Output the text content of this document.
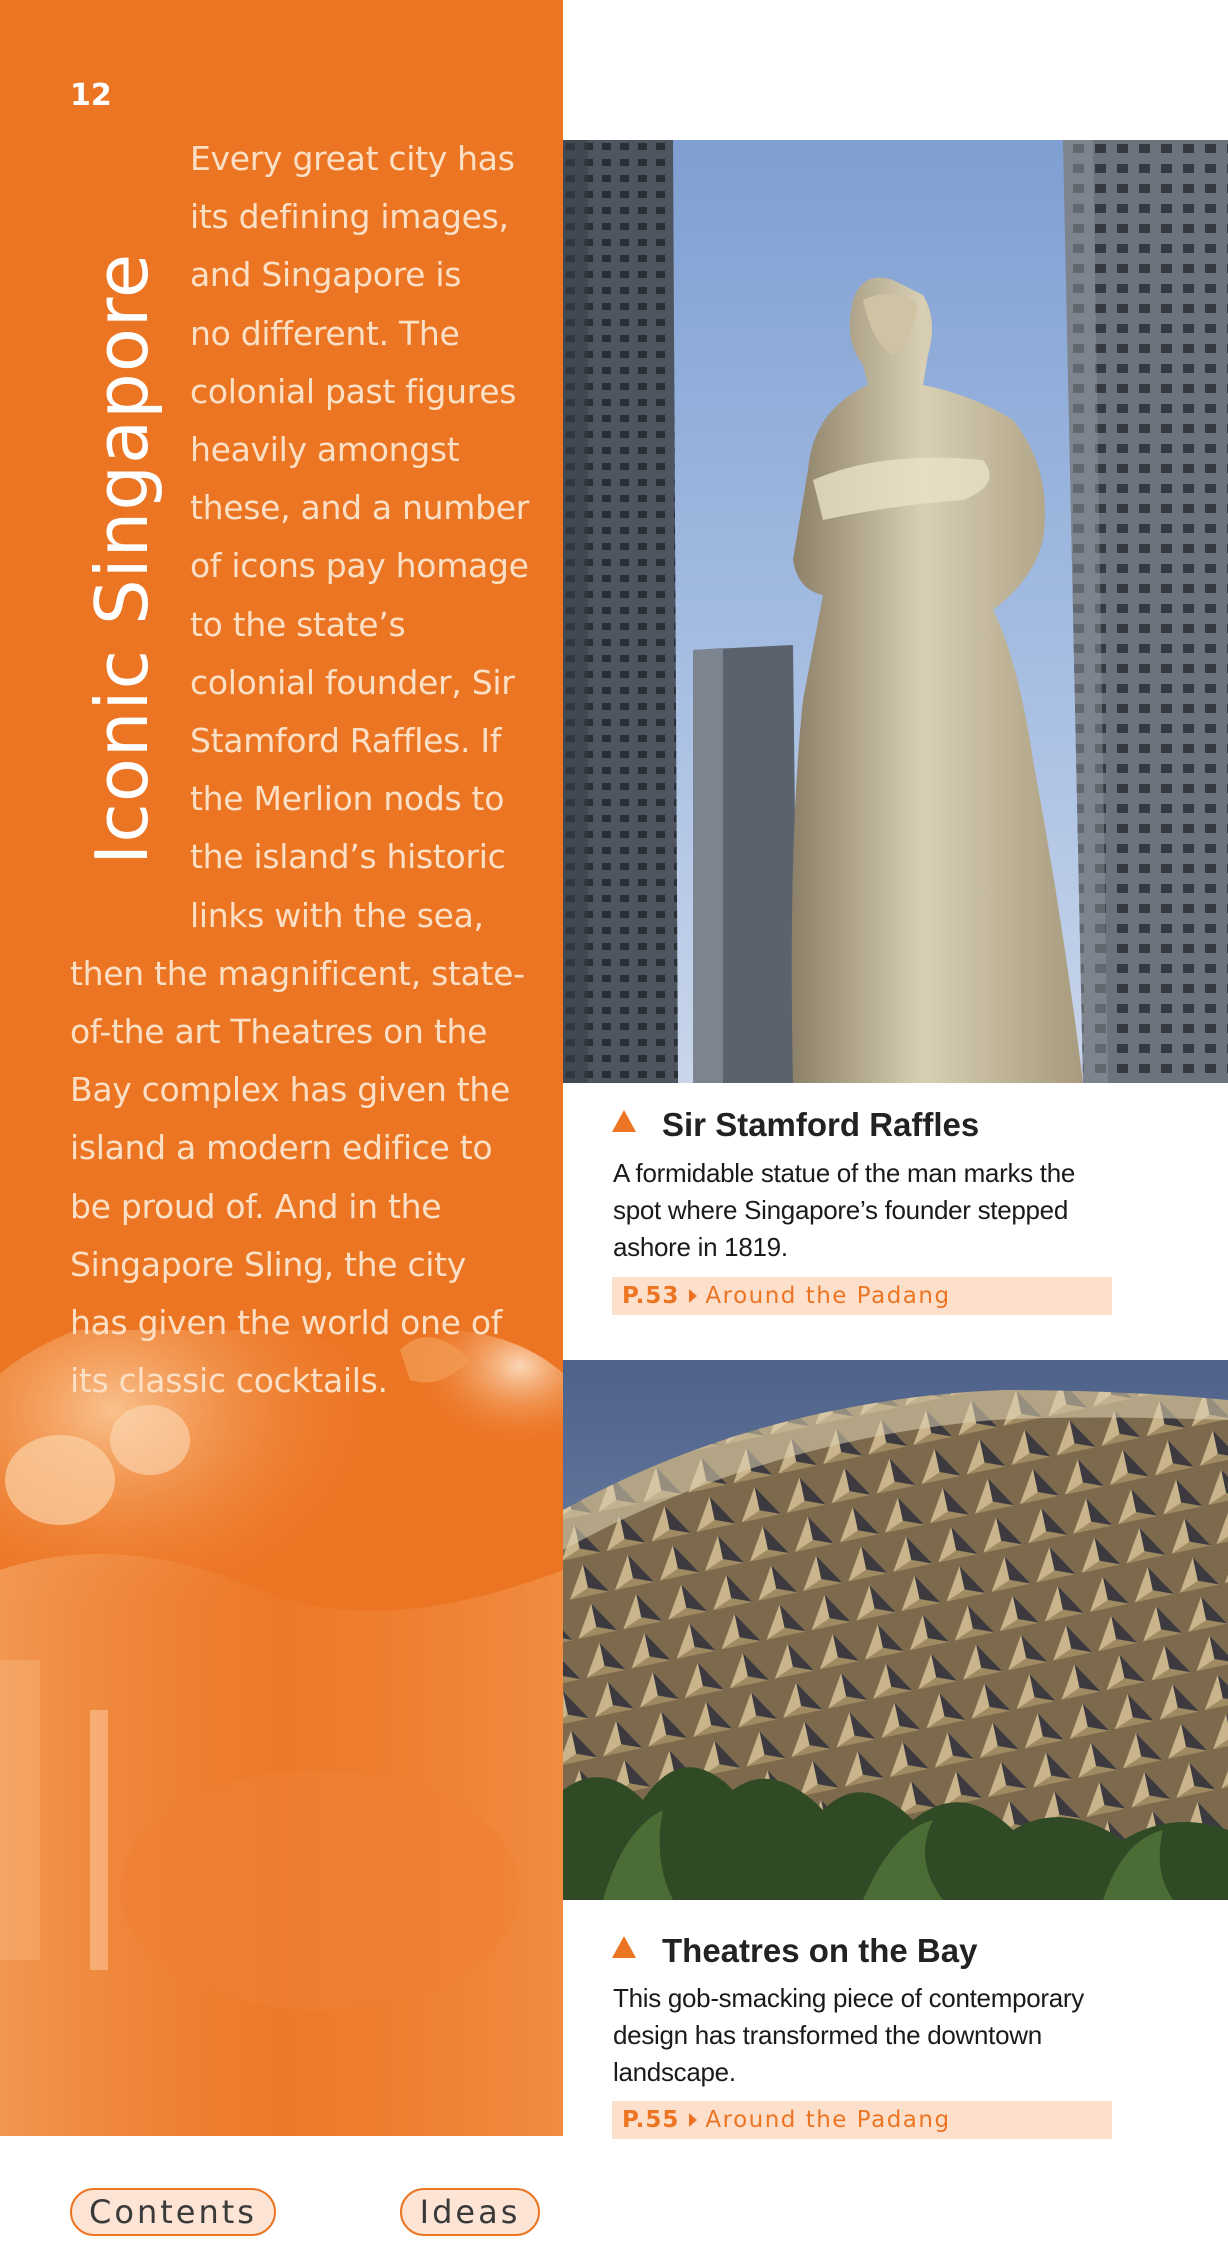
12
Iconic Singapore
Every great city has
its defining images,
and Singapore is
no different. The
colonial past figures
heavily amongst
these, and a number
of icons pay homage
to the state’s
colonial founder, Sir
Stamford Raffles. If
the Merlion nods to
the island’s historic
links with the sea,
then the magnificent, state-
of-the art Theatres on the
Bay complex has given the
island a modern edifice to
be proud of. And in the
Singapore Sling, the city
has given the world one of
its classic cocktails.
Sir Stamford Raffles
A formidable statue of the man marks the
spot where Singapore’s founder stepped
ashore in 1819.
P.53 Around the Padang
Theatres on the Bay
This gob-smacking piece of contemporary
design has transformed the downtown
landscape.
P.55 Around the Padang
Contents	Ideas
